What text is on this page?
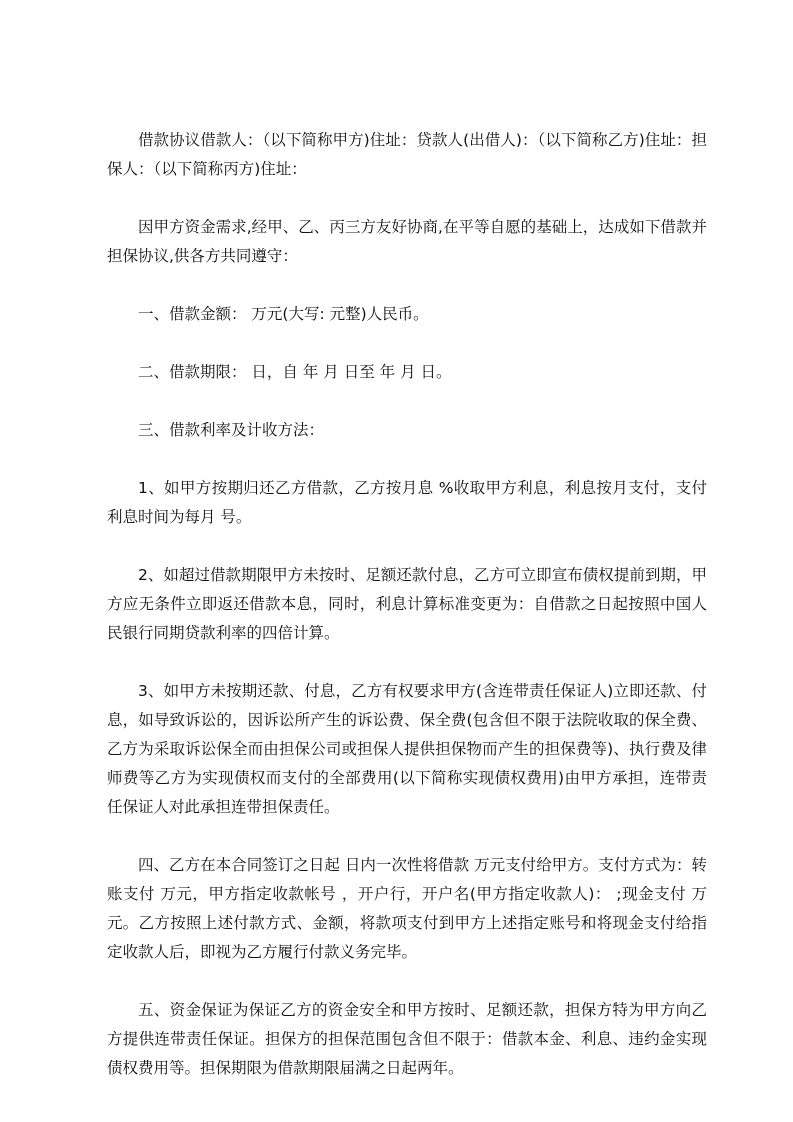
借款协议借款人：（以下简称甲方)住址：贷款人(出借人)：（以下简称乙方)住址：担保人：（以下简称丙方)住址：

因甲方资金需求,经甲、乙、丙三方友好协商,在平等自愿的基础上，达成如下借款并担保协议,供各方共同遵守：

一、借款金额： 万元(大写: 元整)人民币。

二、借款期限： 日，自 年 月 日至 年 月 日。

三、借款利率及计收方法：

1、如甲方按期归还乙方借款，乙方按月息 %收取甲方利息，利息按月支付，支付利息时间为每月 号。

2、如超过借款期限甲方未按时、足额还款付息，乙方可立即宣布债权提前到期，甲方应无条件立即返还借款本息，同时，利息计算标准变更为：自借款之日起按照中国人民银行同期贷款利率的四倍计算。

3、如甲方未按期还款、付息，乙方有权要求甲方(含连带责任保证人)立即还款、付息，如导致诉讼的，因诉讼所产生的诉讼费、保全费(包含但不限于法院收取的保全费、乙方为采取诉讼保全而由担保公司或担保人提供担保物而产生的担保费等)、执行费及律师费等乙方为实现债权而支付的全部费用(以下简称实现债权费用)由甲方承担，连带责任保证人对此承担连带担保责任。

四、乙方在本合同签订之日起 日内一次性将借款 万元支付给甲方。支付方式为：转账支付 万元，甲方指定收款帐号 ，开户行，开户名(甲方指定收款人)： ;现金支付 万元。乙方按照上述付款方式、金额，将款项支付到甲方上述指定账号和将现金支付给指定收款人后，即视为乙方履行付款义务完毕。

五、资金保证为保证乙方的资金安全和甲方按时、足额还款，担保方特为甲方向乙方提供连带责任保证。担保方的担保范围包含但不限于：借款本金、利息、违约金实现债权费用等。担保期限为借款期限届满之日起两年。
